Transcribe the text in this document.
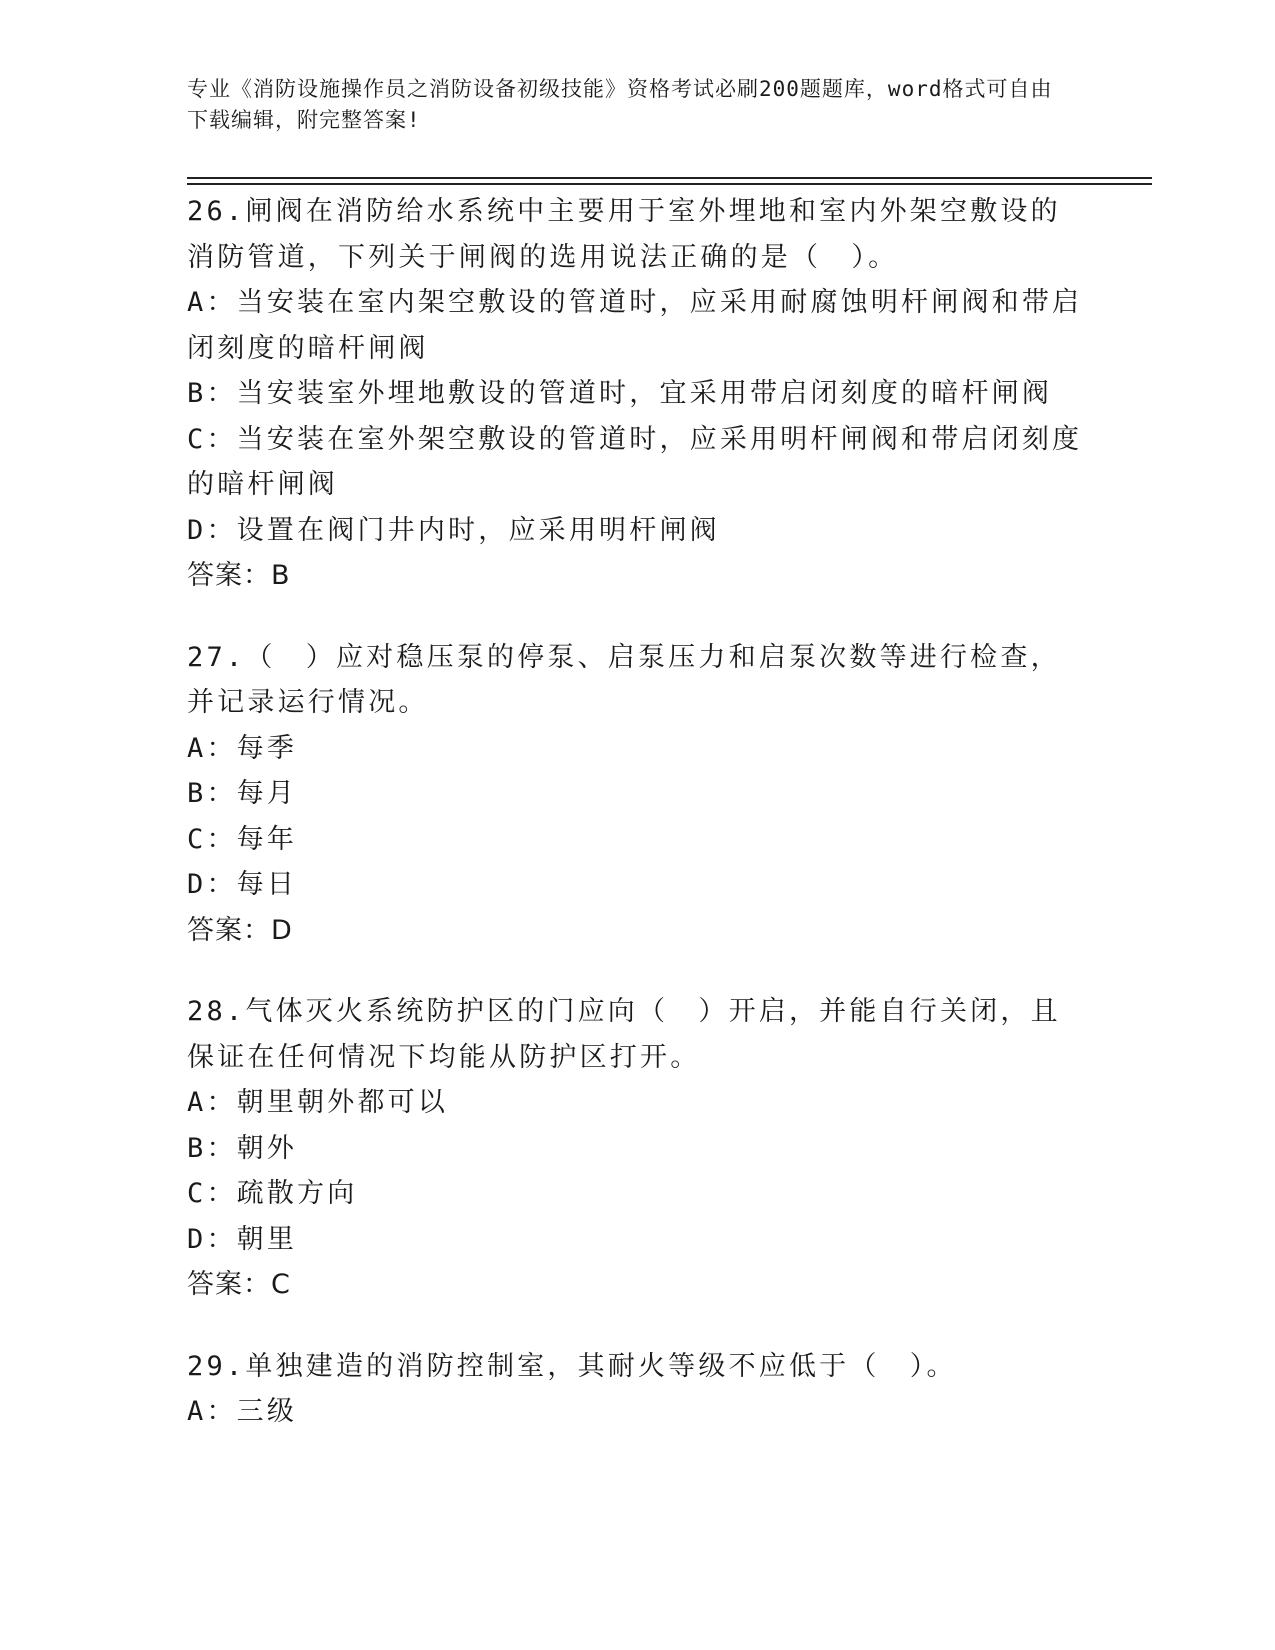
专业《消防设施操作员之消防设备初级技能》资格考试必刷200题题库，word格式可自由下载编辑，附完整答案!
26.闸阀在消防给水系统中主要用于室外埋地和室内外架空敷设的消防管道，下列关于闸阀的选用说法正确的是（　）。
A：当安装在室内架空敷设的管道时，应采用耐腐蚀明杆闸阀和带启闭刻度的暗杆闸阀
B：当安装室外埋地敷设的管道时，宜采用带启闭刻度的暗杆闸阀
C：当安装在室外架空敷设的管道时，应采用明杆闸阀和带启闭刻度的暗杆闸阀
D：设置在阀门井内时，应采用明杆闸阀
答案：B
27.（　）应对稳压泵的停泵、启泵压力和启泵次数等进行检查，并记录运行情况。
A：每季
B：每月
C：每年
D：每日
答案：D
28.气体灭火系统防护区的门应向（　）开启，并能自行关闭，且保证在任何情况下均能从防护区打开。
A：朝里朝外都可以
B：朝外
C：疏散方向
D：朝里
答案：C
29.单独建造的消防控制室，其耐火等级不应低于（　）。
A：三级
